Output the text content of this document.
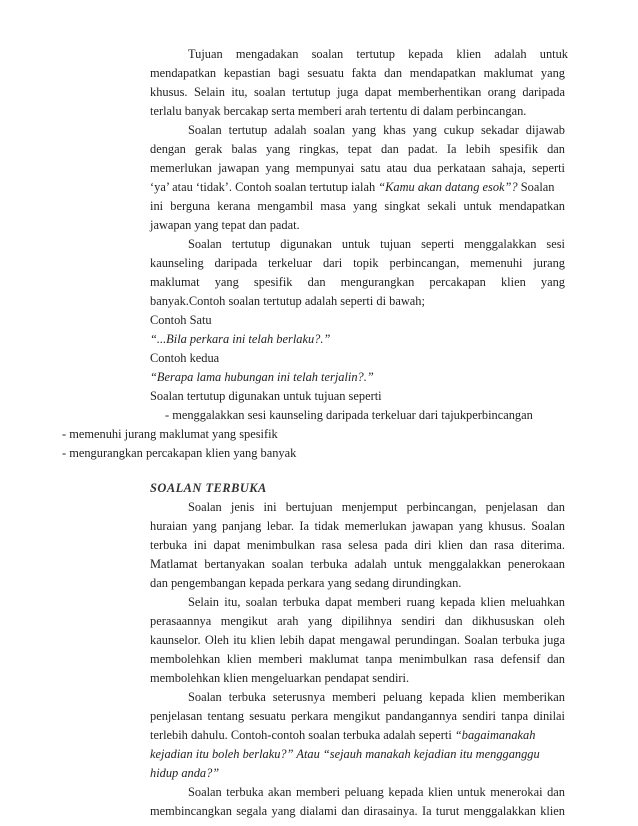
Tujuan mengadakan soalan tertutup kepada klien adalah untuk
mendapatkan kepastian bagi sesuatu fakta dan mendapatkan maklumat yang
khusus. Selain itu, soalan tertutup juga dapat memberhentikan orang daripada
terlalu banyak bercakap serta memberi arah tertentu di dalam perbincangan.
Soalan tertutup adalah soalan yang khas yang cukup sekadar dijawab
dengan gerak balas yang ringkas, tepat dan padat. Ia lebih spesifik dan
memerlukan jawapan yang mempunyai satu atau dua perkataan sahaja, seperti
‘ya’ atau ‘tidak’. Contoh soalan tertutup ialah “Kamu akan datang esok”? Soalan
ini berguna kerana mengambil masa yang singkat sekali untuk mendapatkan
jawapan yang tepat dan padat.
Soalan tertutup digunakan untuk tujuan seperti menggalakkan sesi
kaunseling daripada terkeluar dari topik perbincangan, memenuhi jurang
maklumat yang spesifik dan mengurangkan percakapan klien yang
banyak.Contoh soalan tertutup adalah seperti di bawah;
Contoh Satu
“...Bila perkara ini telah berlaku?.”
Contoh kedua
“Berapa lama hubungan ini telah terjalin?.”
Soalan tertutup digunakan untuk tujuan seperti
- menggalakkan sesi kaunseling daripada terkeluar dari tajukperbincangan
- memenuhi jurang maklumat yang spesifik
- mengurangkan percakapan klien yang banyak
SOALAN TERBUKA
Soalan jenis ini bertujuan menjemput perbincangan, penjelasan dan
huraian yang panjang lebar. Ia tidak memerlukan jawapan yang khusus. Soalan
terbuka ini dapat menimbulkan rasa selesa pada diri klien dan rasa diterima.
Matlamat bertanyakan soalan terbuka adalah untuk menggalakkan penerokaan
dan pengembangan kepada perkara yang sedang dirundingkan.
Selain itu, soalan terbuka dapat memberi ruang kepada klien meluahkan
perasaannya mengikut arah yang dipilihnya sendiri dan dikhususkan oleh
kaunselor. Oleh itu klien lebih dapat mengawal perundingan. Soalan terbuka juga
membolehkan klien memberi maklumat tanpa menimbulkan rasa defensif dan
membolehkan klien mengeluarkan pendapat sendiri.
Soalan terbuka seterusnya memberi peluang kepada klien memberikan
penjelasan tentang sesuatu perkara mengikut pandangannya sendiri tanpa dinilai
terlebih dahulu. Contoh-contoh soalan terbuka adalah seperti “bagaimanakah
kejadian itu boleh berlaku?” Atau “sejauh manakah kejadian itu mengganggu
hidup anda?”
Soalan terbuka akan memberi peluang kepada klien untuk menerokai dan
membincangkan segala yang dialami dan dirasainya. Ia turut menggalakkan klien
